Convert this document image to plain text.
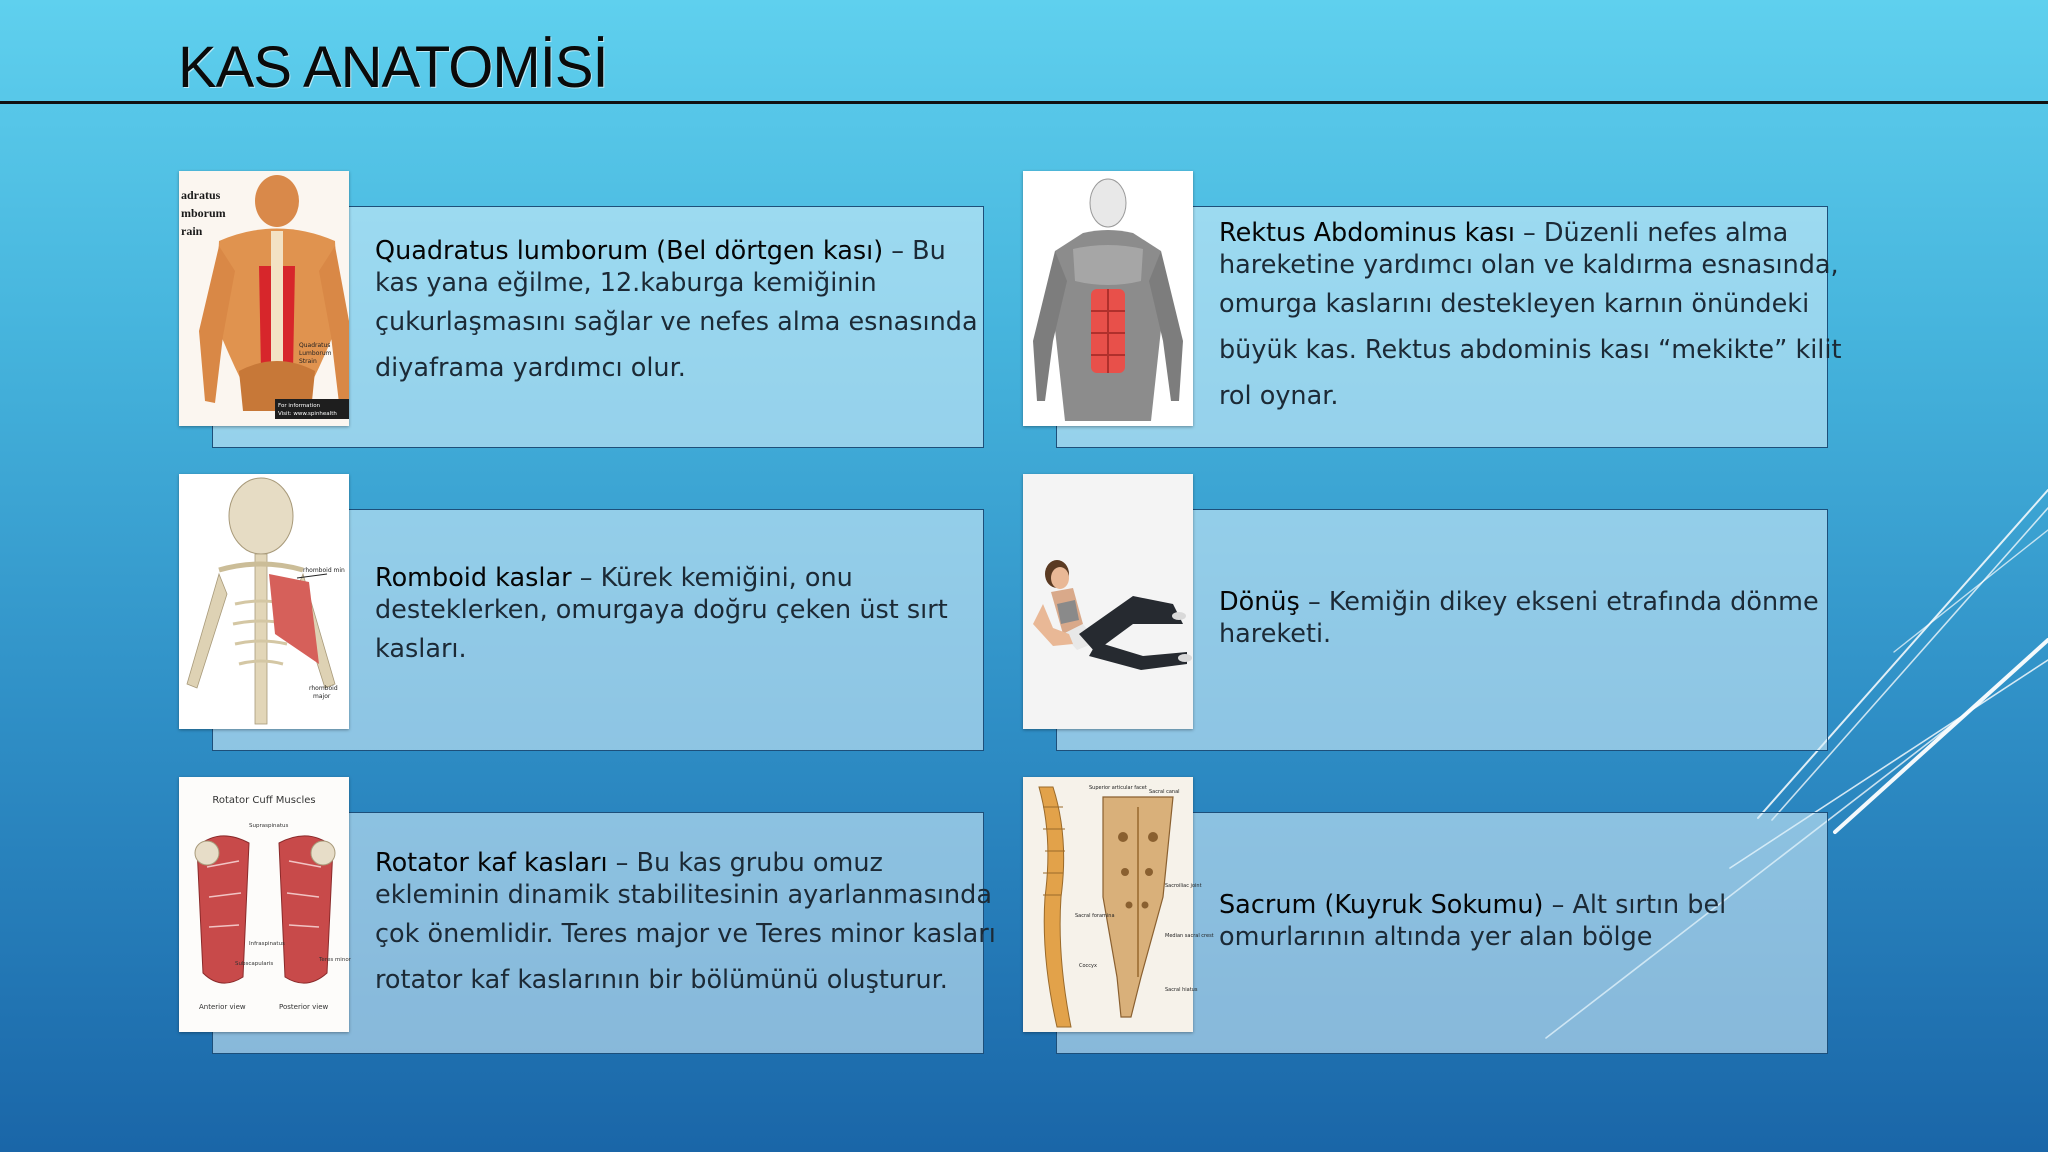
KAS ANATOMİSİ
Quadratus lumborum (Bel dörtgen kası) – Bu
kas yana eğilme, 12.kaburga kemiğinin
çukurlaşmasını sağlar ve nefes alma esnasında
diyaframa yardımcı olur.
adratus
mborum
rain
Quadratus
Lumborum
Strain
For information
Visit: www.spinhealth
Rektus Abdominus kası – Düzenli nefes alma
hareketine yardımcı olan ve kaldırma esnasında,
omurga kaslarını destekleyen karnın önündeki
büyük kas. Rektus abdominis kası “mekikte” kilit
rol oynar.
Romboid kaslar – Kürek kemiğini, onu
desteklerken, omurgaya doğru çeken üst sırt
kasları.
rhomboid min
rhomboid
major
Dönüş – Kemiğin dikey ekseni etrafında dönme
hareketi.
Rotator kaf kasları – Bu kas grubu omuz
ekleminin dinamik stabilitesinin ayarlanmasında
çok önemlidir. Teres major ve Teres minor kasları
rotator kaf kaslarının bir bölümünü oluşturur.
Rotator Cuff Muscles
Supraspinatus
Infraspinatus
Subscapularis
Teres minor
Anterior view	Posterior view
Sacrum (Kuyruk Sokumu) – Alt sırtın bel
omurlarının altında yer alan bölge
Superior articular facet
Sacral canal
Sacral foramina
Coccyx
Sacral hiatus
Median sacral crest
Sacroiliac joint
